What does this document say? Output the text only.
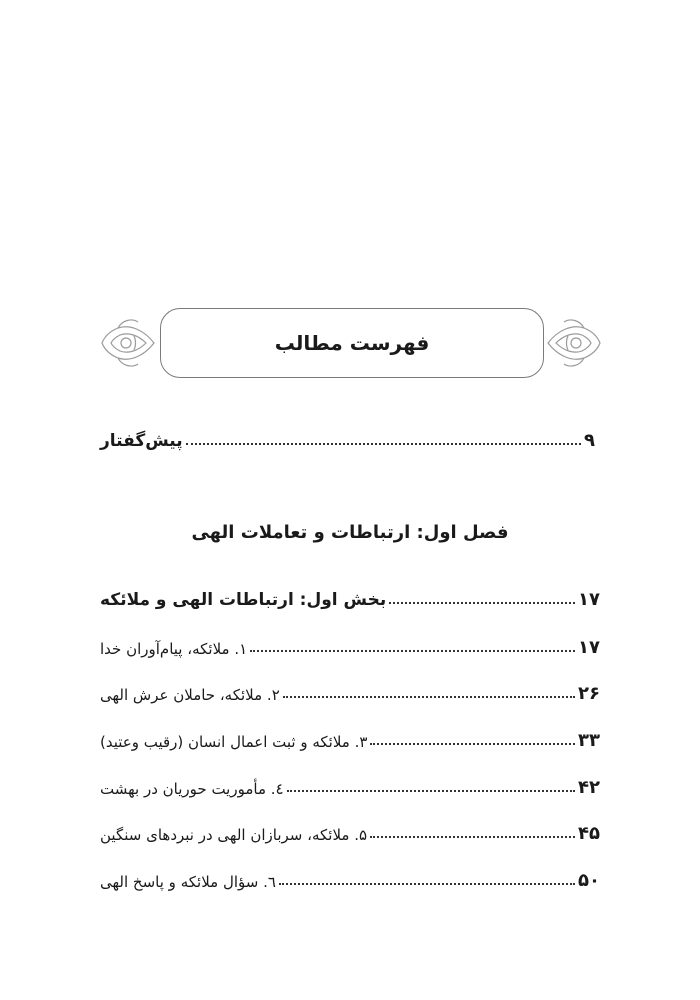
فهرست مطالب
پیش‌گفتار	۹
فصل اول: ارتباطات و تعاملات الهی
بخش اول: ارتباطات الهی و ملائکه	۱۷
۱. ملائکه، پیام‌آوران خدا	۱۷
۲. ملائکه، حاملان عرش الهی	۲۶
۳. ملائکه و ثبت اعمال انسان (رقیب وعتید)	۳۳
٤. مأموریت حوریان در بهشت	۴۲
۵. ملائکه، سربازان الهی در نبردهای سنگین	۴۵
٦. سؤال ملائکه و پاسخ الهی	۵۰
